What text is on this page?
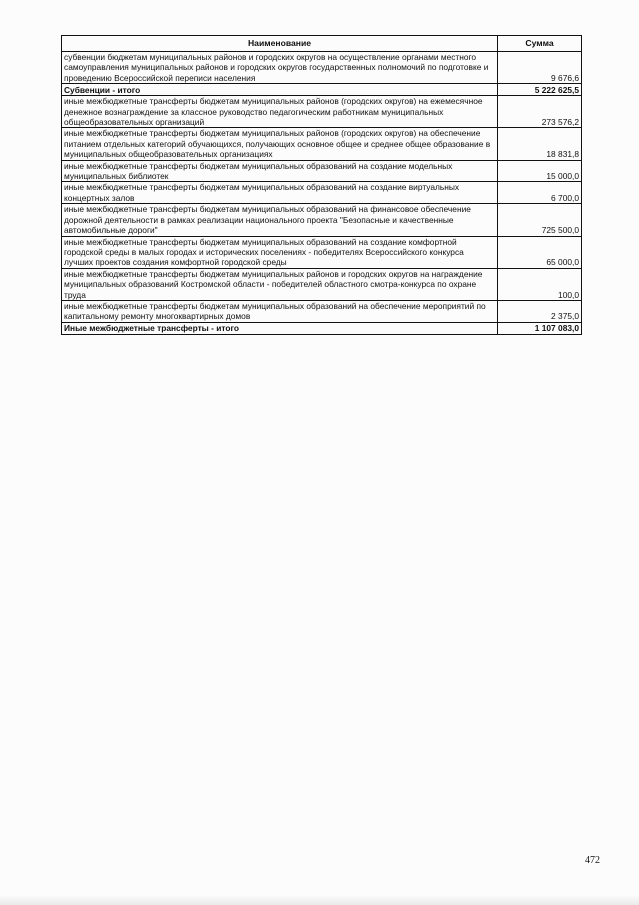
Наименование	Сумма
субвенции бюджетам муниципальных районов и городских округов на осуществление органами местного самоуправления муниципальных районов и городских округов государственных полномочий по подготовке и проведению Всероссийской переписи населения	9 676,6
Субвенции - итого	5 222 625,5
иные межбюджетные трансферты бюджетам муниципальных районов (городских округов) на ежемесячное денежное вознаграждение за классное руководство педагогическим работникам муниципальных общеобразовательных организаций	273 576,2
иные межбюджетные трансферты бюджетам муниципальных районов (городских округов) на обеспечение питанием отдельных категорий обучающихся, получающих основное общее и среднее общее образование в муниципальных общеобразовательных организациях	18 831,8
иные межбюджетные трансферты бюджетам муниципальных образований на создание модельных муниципальных библиотек	15 000,0
иные межбюджетные трансферты бюджетам муниципальных образований на создание виртуальных концертных залов	6 700,0
иные межбюджетные трансферты бюджетам муниципальных образований на финансовое обеспечение дорожной деятельности в рамках реализации национального проекта "Безопасные и качественные автомобильные дороги"	725 500,0
иные межбюджетные трансферты бюджетам муниципальных образований на создание комфортной городской среды в малых городах и исторических поселениях - победителях Всероссийского конкурса лучших проектов создания комфортной городской среды	65 000,0
иные межбюджетные трансферты бюджетам муниципальных районов и городских округов на награждение муниципальных образований Костромской области - победителей областного смотра-конкурса по охране труда	100,0
иные межбюджетные трансферты бюджетам муниципальных образований на обеспечение мероприятий по капитальному ремонту многоквартирных домов	2 375,0
Иные межбюджетные трансферты - итого	1 107 083,0
472
